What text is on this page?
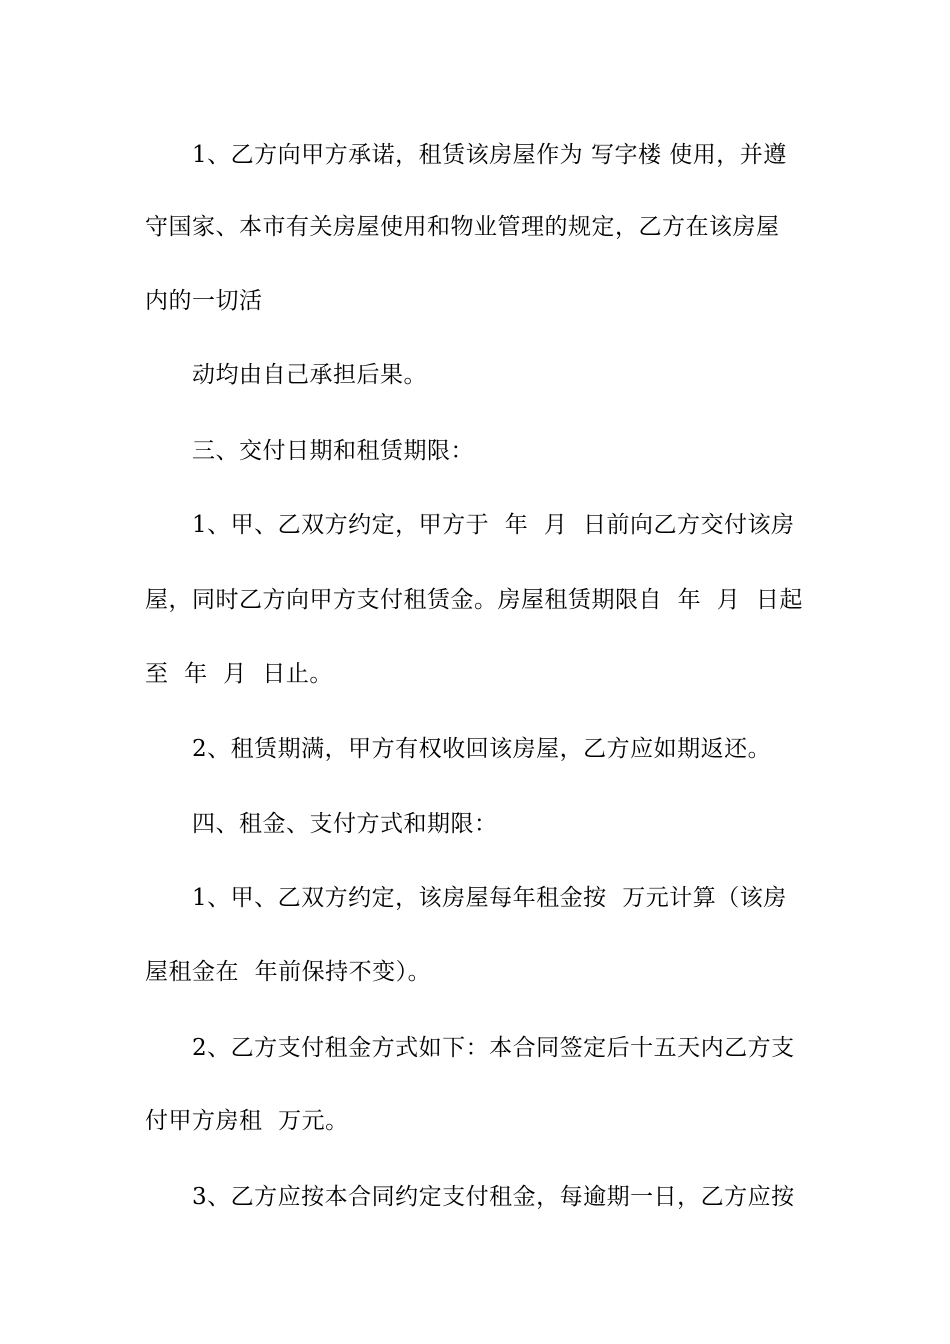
1、乙方向甲方承诺，租赁该房屋作为 写字楼 使用，并遵
守国家、本市有关房屋使用和物业管理的规定，乙方在该房屋
内的一切活
动均由自己承担后果。
三、交付日期和租赁期限：
1、甲、乙双方约定，甲方于  年  月  日前向乙方交付该房
屋，同时乙方向甲方支付租赁金。房屋租赁期限自  年  月  日起
至  年  月  日止。
2、租赁期满，甲方有权收回该房屋，乙方应如期返还。
四、租金、支付方式和期限：
1、甲、乙双方约定，该房屋每年租金按  万元计算（该房
屋租金在  年前保持不变）。
2、乙方支付租金方式如下：本合同签定后十五天内乙方支
付甲方房租  万元。
3、乙方应按本合同约定支付租金，每逾期一日，乙方应按
